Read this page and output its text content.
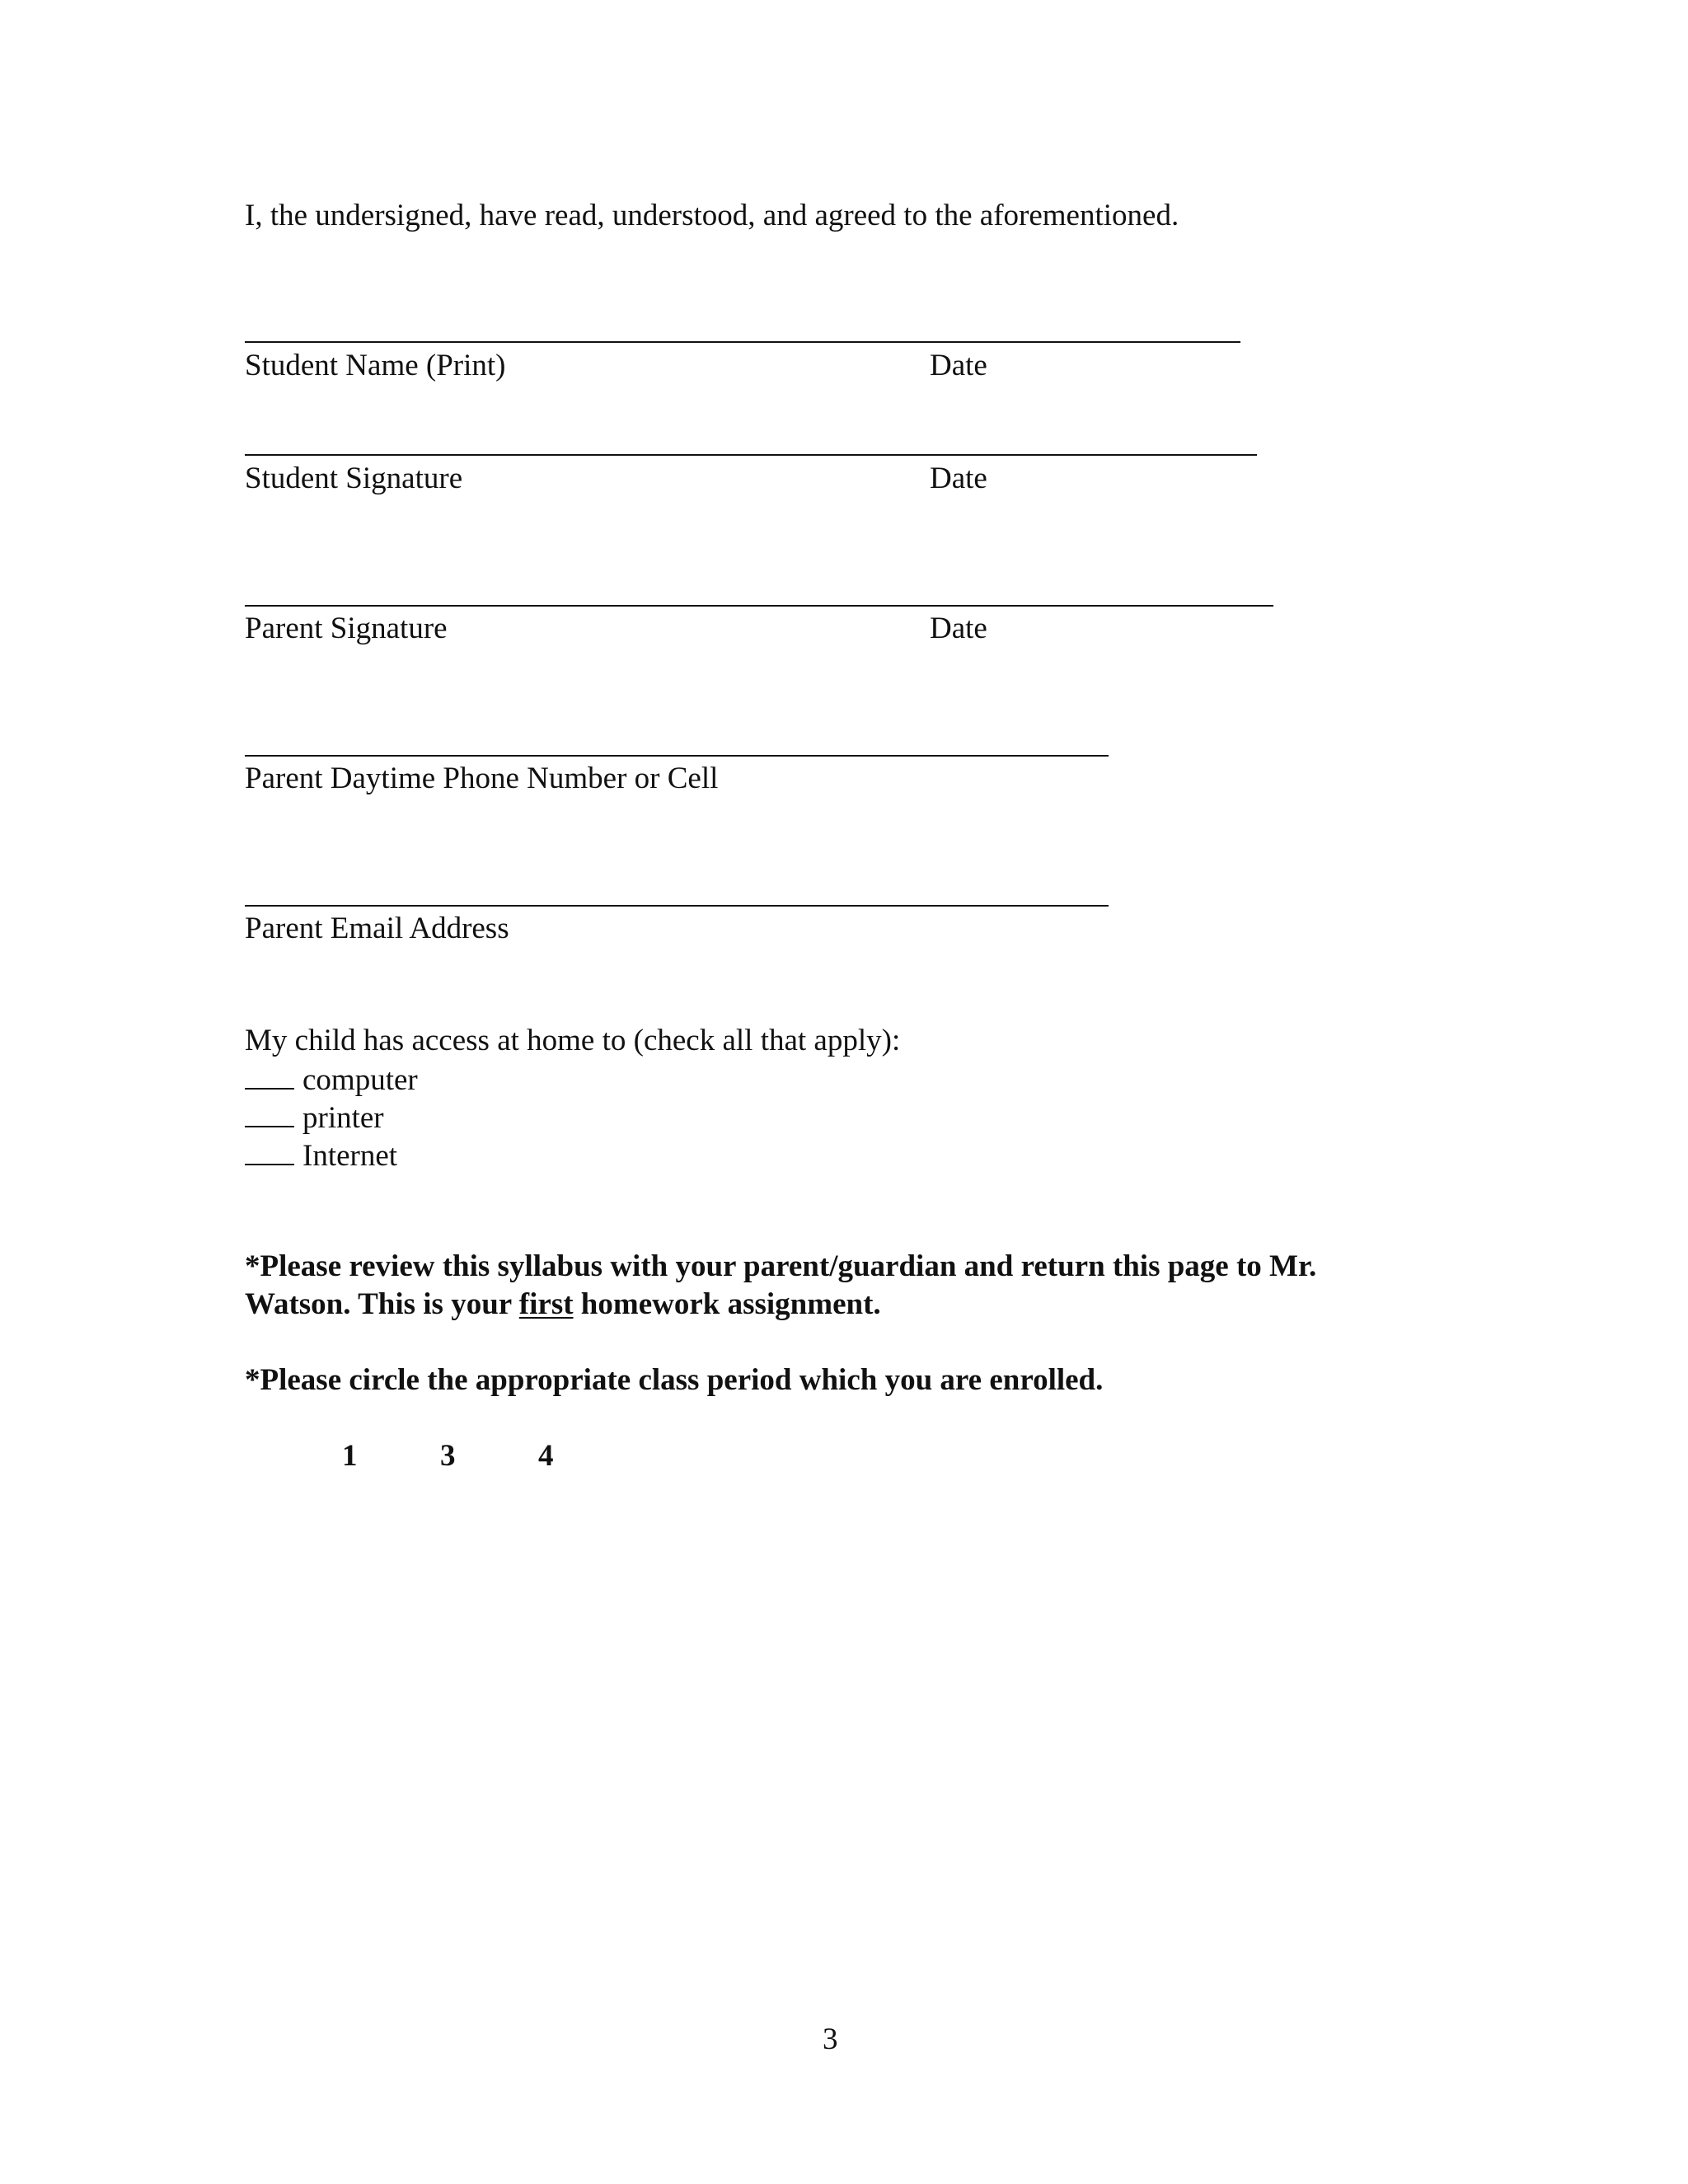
I, the undersigned, have read, understood, and agreed to the aforementioned.
Student Name (Print)	Date
Student Signature	Date
Parent Signature	Date
Parent Daytime Phone Number or Cell
Parent Email Address
My child has access at home to (check all that apply):
computer
printer
Internet
*Please review this syllabus with your parent/guardian and return this page to Mr.
Watson. This is your first homework assignment.
*Please circle the appropriate class period which you are enrolled.
1	3	4
3
